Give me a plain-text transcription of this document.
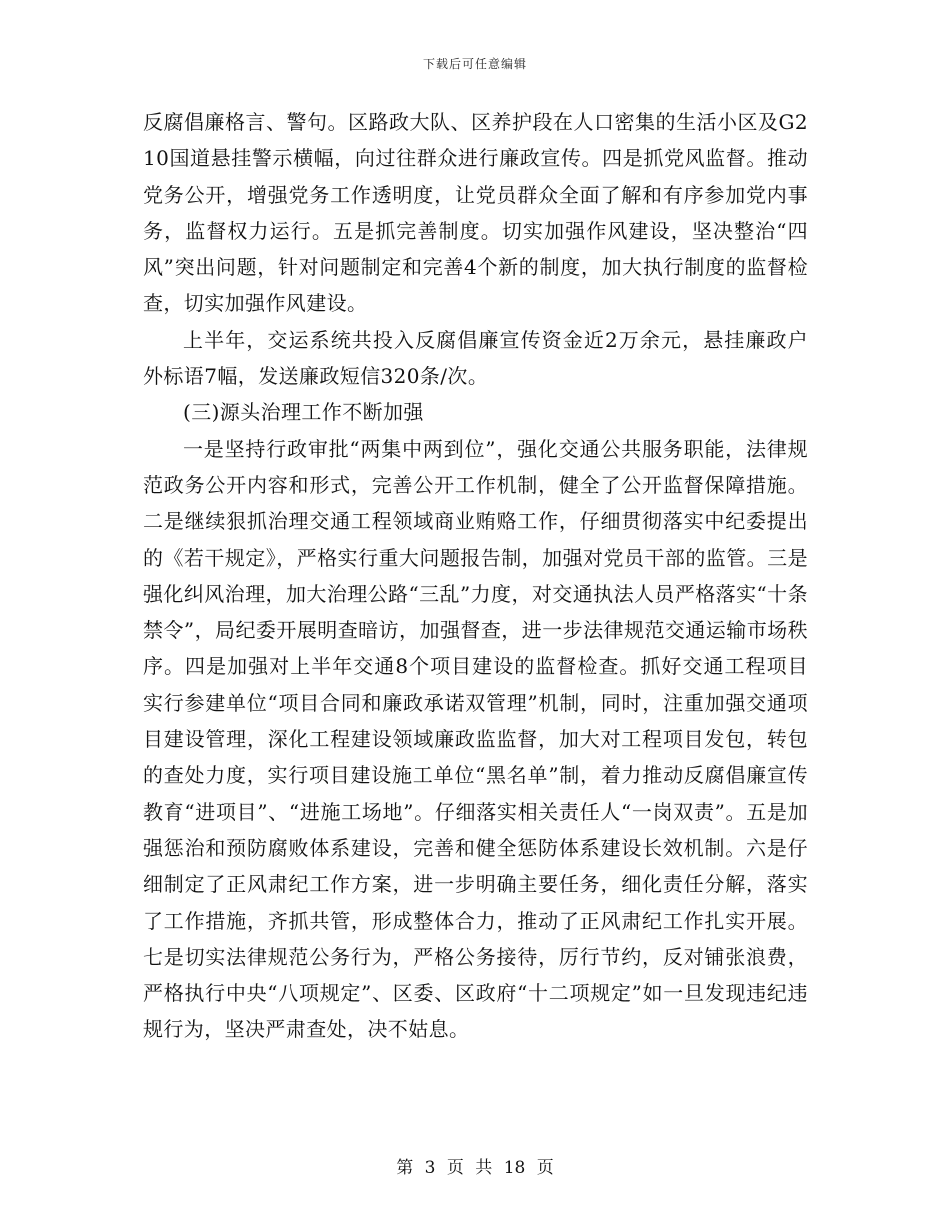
下载后可任意编辑

反腐倡廉格言、警句。区路政大队、区养护段在人口密集的生活小区及G210国道悬挂警示横幅，向过往群众进行廉政宣传。四是抓党风监督。推动党务公开，增强党务工作透明度，让党员群众全面了解和有序参加党内事务，监督权力运行。五是抓完善制度。切实加强作风建设，坚决整治“四风”突出问题，针对问题制定和完善4个新的制度，加大执行制度的监督检查，切实加强作风建设。

上半年，交运系统共投入反腐倡廉宣传资金近2万余元，悬挂廉政户外标语7幅，发送廉政短信320条/次。

(三)源头治理工作不断加强

一是坚持行政审批“两集中两到位”，强化交通公共服务职能，法律规范政务公开内容和形式，完善公开工作机制，健全了公开监督保障措施。二是继续狠抓治理交通工程领域商业贿赂工作，仔细贯彻落实中纪委提出的《若干规定》，严格实行重大问题报告制，加强对党员干部的监管。三是强化纠风治理，加大治理公路“三乱”力度，对交通执法人员严格落实“十条禁令”，局纪委开展明查暗访，加强督查，进一步法律规范交通运输市场秩序。四是加强对上半年交通8个项目建设的监督检查。抓好交通工程项目实行参建单位“项目合同和廉政承诺双管理”机制，同时，注重加强交通项目建设管理，深化工程建设领域廉政监监督，加大对工程项目发包，转包的查处力度，实行项目建设施工单位“黑名单”制，着力推动反腐倡廉宣传教育“进项目”、“进施工场地”。仔细落实相关责任人“一岗双责”。五是加强惩治和预防腐败体系建设，完善和健全惩防体系建设长效机制。六是仔细制定了正风肃纪工作方案，进一步明确主要任务，细化责任分解，落实了工作措施，齐抓共管，形成整体合力，推动了正风肃纪工作扎实开展。七是切实法律规范公务行为，严格公务接待，厉行节约，反对铺张浪费，严格执行中央“八项规定”、区委、区政府“十二项规定”如一旦发现违纪违规行为，坚决严肃查处，决不姑息。

第 3 页 共 18 页
